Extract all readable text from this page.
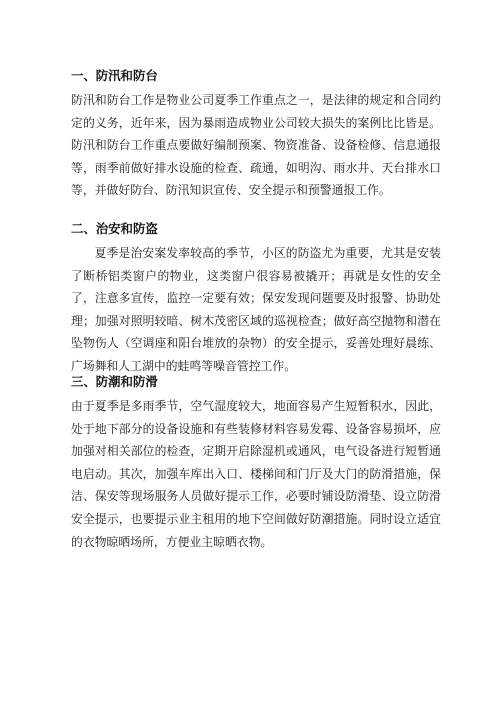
一、防汛和防台
防汛和防台工作是物业公司夏季工作重点之一，是法律的规定和合同约定的义务，近年来，因为暴雨造成物业公司较大损失的案例比比皆是。防汛和防台工作重点要做好编制预案、物资准备、设备检修、信息通报等，雨季前做好排水设施的检查、疏通，如明沟、雨水井、天台排水口等，并做好防台、防汛知识宣传、安全提示和预警通报工作。
二、治安和防盗
夏季是治安案发率较高的季节，小区的防盗尤为重要，尤其是安装了断桥铝类窗户的物业，这类窗户很容易被撬开；再就是女性的安全了，注意多宣传，监控一定要有效；保安发现问题要及时报警、协助处理；加强对照明较暗、树木茂密区域的巡视检查；做好高空抛物和潜在坠物伤人（空调座和阳台堆放的杂物）的安全提示，妥善处理好晨练、广场舞和人工湖中的蛙鸣等噪音管控工作。
三、防潮和防滑
由于夏季是多雨季节，空气湿度较大，地面容易产生短暂积水，因此，处于地下部分的设备设施和有些装修材料容易发霉、设备容易损坏，应加强对相关部位的检查，定期开启除湿机或通风，电气设备进行短暂通电启动。其次，加强车库出入口、楼梯间和门厅及大门的防滑措施，保洁、保安等现场服务人员做好提示工作，必要时铺设防滑垫、设立防滑安全提示，也要提示业主租用的地下空间做好防潮措施。同时设立适宜的衣物晾晒场所，方便业主晾晒衣物。
